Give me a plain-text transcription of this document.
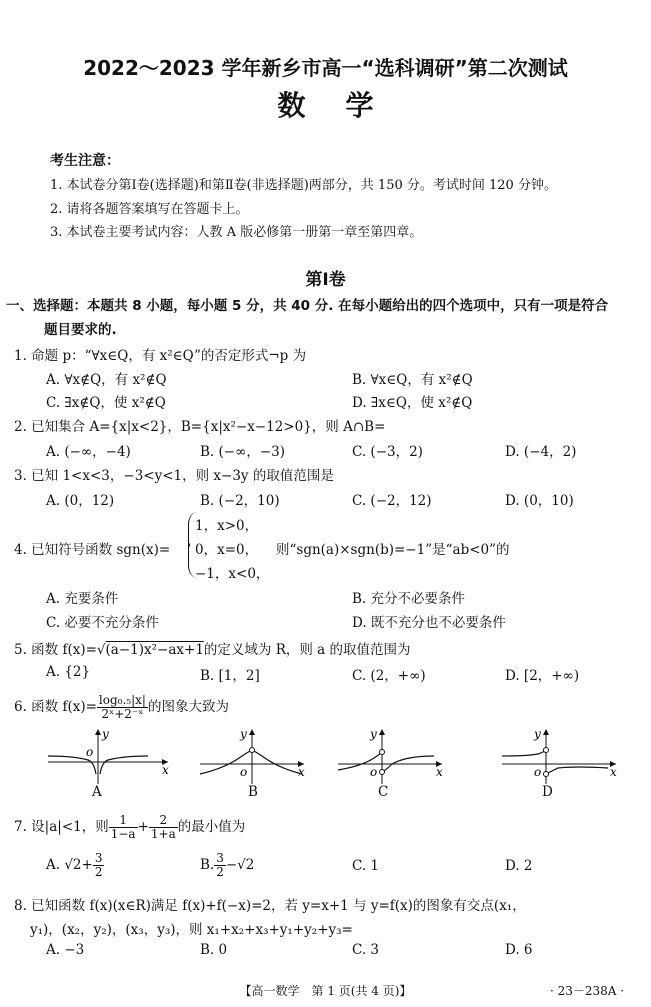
2022～2023 学年新乡市高一“选科调研”第二次测试
数学
考生注意：
1. 本试卷分第Ⅰ卷(选择题)和第Ⅱ卷(非选择题)两部分，共 150 分。考试时间 120 分钟。
2. 请将各题答案填写在答题卡上。
3. 本试卷主要考试内容：人教 A 版必修第一册第一章至第四章。
第Ⅰ卷
一、选择题：本题共 8 小题，每小题 5 分，共 40 分. 在每小题给出的四个选项中，只有一项是符合
题目要求的.
1. 命题 p：“∀x∈Q，有 x²∈Q”的否定形式¬p 为
A. ∀x∉Q，有 x²∉Q	B. ∀x∈Q，有 x²∉Q
C. ∃x∉Q，使 x²∉Q	D. ∃x∈Q，使 x²∉Q
2. 已知集合 A={x|x<2}，B={x|x²−x−12>0}，则 A∩B=
A. (−∞，−4)	B. (−∞，−3)	C. (−3，2)	D. (−4，2)
3. 已知 1<x<3，−3<y<1，则 x−3y 的取值范围是
A. (0，12)	B. (−2，10)	C. (−2，12)	D. (0，10)
4. 已知符号函数 sgn(x)=
1，x>0，
0，x=0，
−1，x<0，
则“sgn(a)×sgn(b)=−1”是“ab<0”的
A. 充要条件	B. 充分不必要条件
C. 必要不充分条件	D. 既不充分也不必要条件
5. 函数 f(x)=√(a−1)x²−ax+1的定义域为 R，则 a 的取值范围为
A. {2}	B. [1，2]	C. (2，+∞)	D. [2，+∞)
6. 函数 $f(x)= \frac{\text{log₀.₅|x|}}{\text{2ˣ+2⁻ˣ}}$ 的图象大致为
o
y
x
A
o
y
x
B
o
y
x
C
o
y
x
D
7. 设|a|<1，则 $\frac{1}{1-a} + \frac{2}{1+a}$ 的最小值为
A. $√2+ \frac{3}{2}$	B. $\frac{3}{2} -√2$	C. 1	D. 2
8. 已知函数 f(x)(x∈R)满足 f(x)+f(−x)=2，若 y=x+1 与 y=f(x)的图象有交点(x₁，
y₁)，(x₂，y₂)，(x₃，y₃)，则 x₁+x₂+x₃+y₁+y₂+y₃=
A. −3	B. 0	C. 3	D. 6
【高一数学　第 1 页(共 4 页)】	· 23－238A ·
